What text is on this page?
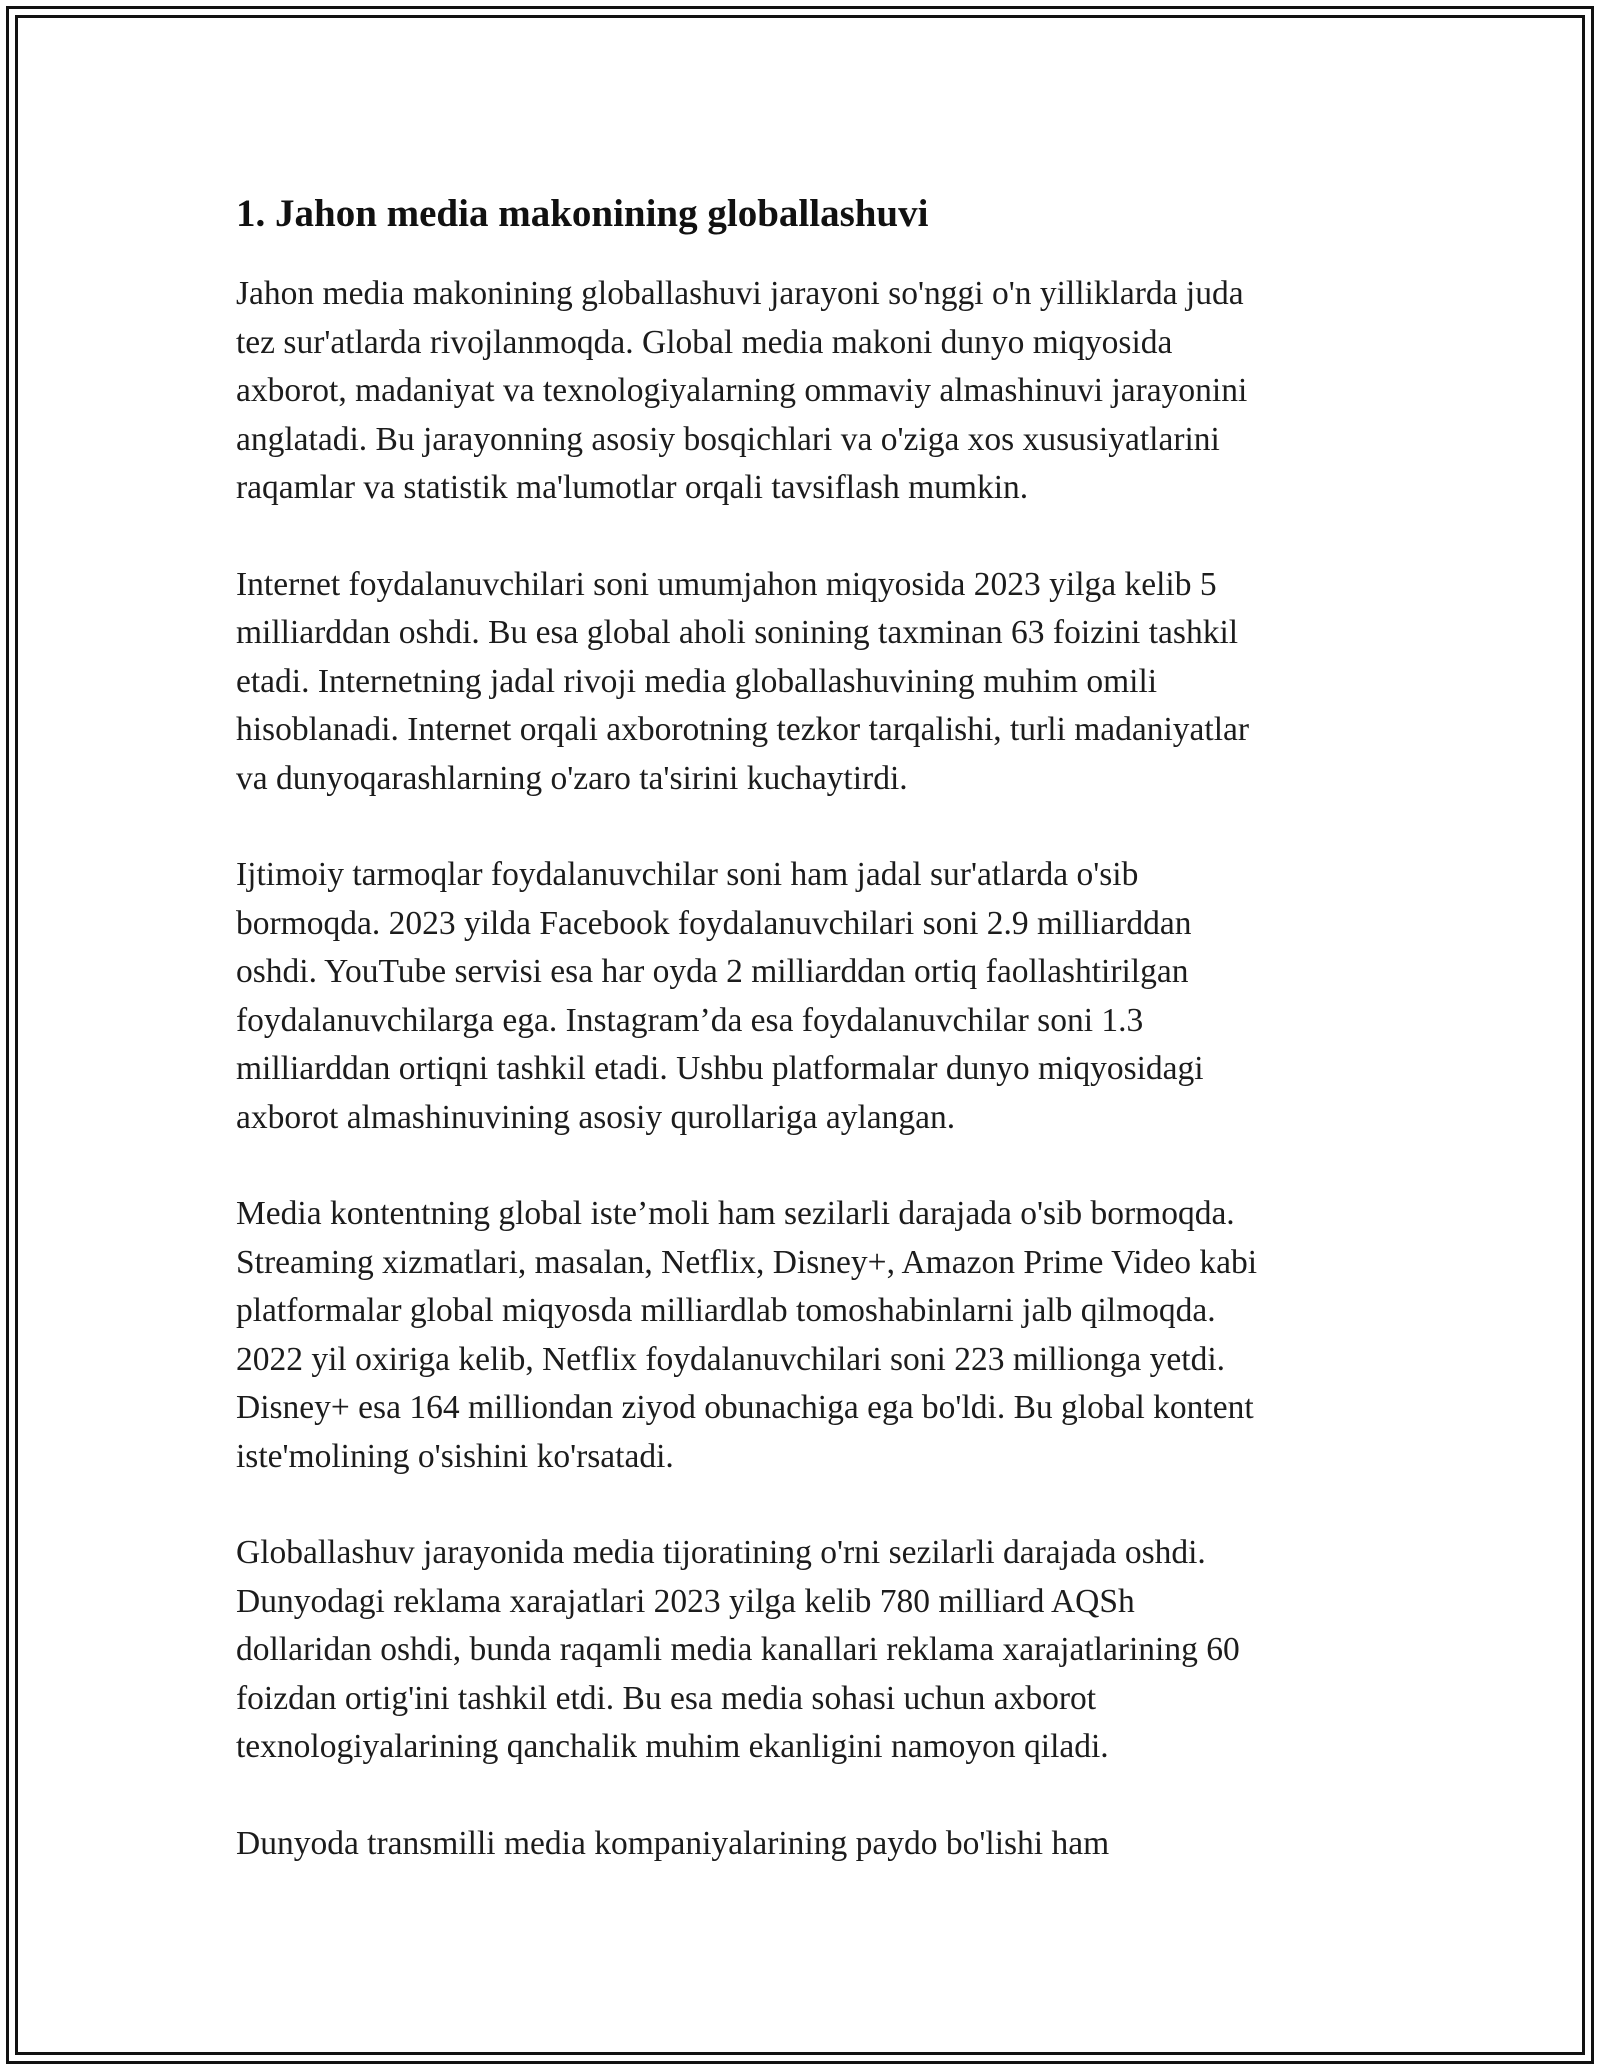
1. Jahon media makonining globallashuvi

Jahon media makonining globallashuvi jarayoni so'nggi o'n yilliklarda juda
tez sur'atlarda rivojlanmoqda. Global media makoni dunyo miqyosida
axborot, madaniyat va texnologiyalarning ommaviy almashinuvi jarayonini
anglatadi. Bu jarayonning asosiy bosqichlari va o'ziga xos xususiyatlarini
raqamlar va statistik ma'lumotlar orqali tavsiflash mumkin.

Internet foydalanuvchilari soni umumjahon miqyosida 2023 yilga kelib 5
milliarddan oshdi. Bu esa global aholi sonining taxminan 63 foizini tashkil
etadi. Internetning jadal rivoji media globallashuvining muhim omili
hisoblanadi. Internet orqali axborotning tezkor tarqalishi, turli madaniyatlar
va dunyoqarashlarning o'zaro ta'sirini kuchaytirdi.

Ijtimoiy tarmoqlar foydalanuvchilar soni ham jadal sur'atlarda o'sib
bormoqda. 2023 yilda Facebook foydalanuvchilari soni 2.9 milliarddan
oshdi. YouTube servisi esa har oyda 2 milliarddan ortiq faollashtirilgan
foydalanuvchilarga ega. Instagram’da esa foydalanuvchilar soni 1.3
milliarddan ortiqni tashkil etadi. Ushbu platformalar dunyo miqyosidagi
axborot almashinuvining asosiy qurollariga aylangan.

Media kontentning global iste’moli ham sezilarli darajada o'sib bormoqda.
Streaming xizmatlari, masalan, Netflix, Disney+, Amazon Prime Video kabi
platformalar global miqyosda milliardlab tomoshabinlarni jalb qilmoqda.
2022 yil oxiriga kelib, Netflix foydalanuvchilari soni 223 millionga yetdi.
Disney+ esa 164 milliondan ziyod obunachiga ega bo'ldi. Bu global kontent
iste'molining o'sishini ko'rsatadi.

Globallashuv jarayonida media tijoratining o'rni sezilarli darajada oshdi.
Dunyodagi reklama xarajatlari 2023 yilga kelib 780 milliard AQSh
dollaridan oshdi, bunda raqamli media kanallari reklama xarajatlarining 60
foizdan ortig'ini tashkil etdi. Bu esa media sohasi uchun axborot
texnologiyalarining qanchalik muhim ekanligini namoyon qiladi.

Dunyoda transmilli media kompaniyalarining paydo bo'lishi ham
